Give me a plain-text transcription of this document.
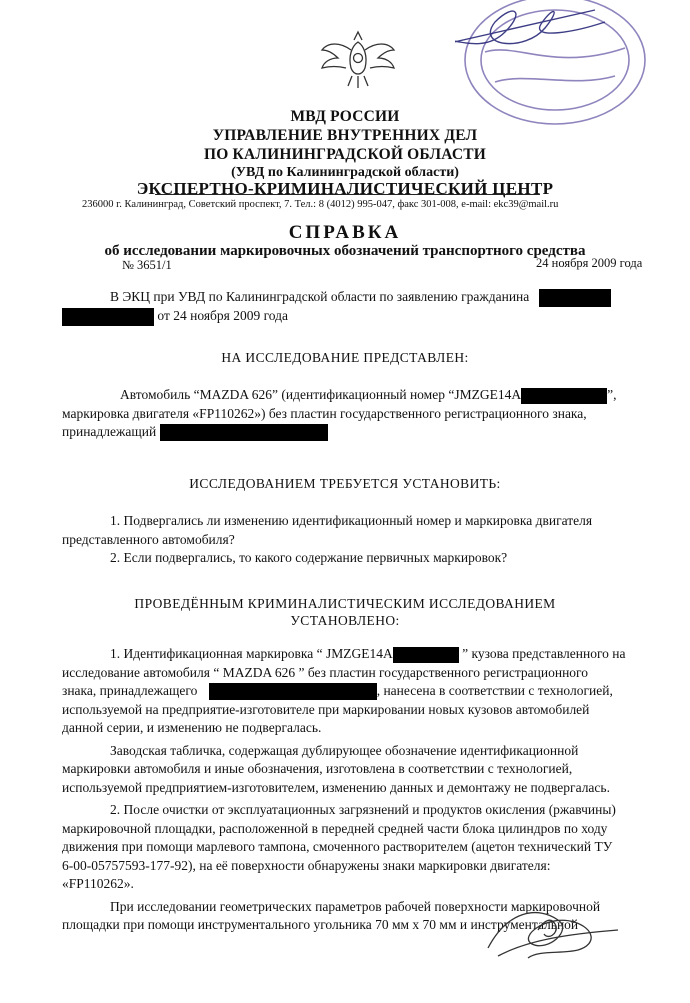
МВД РОССИИ
УПРАВЛЕНИЕ ВНУТРЕННИХ ДЕЛ
ПО КАЛИНИНГРАДСКОЙ ОБЛАСТИ
(УВД по Калининградской области)
ЭКСПЕРТНО-КРИМИНАЛИСТИЧЕСКИЙ ЦЕНТР
236000 г. Калининград, Советский проспект, 7. Тел.: 8 (4012) 995-047, факс 301-008, e-mail: ekc39@mail.ru
СПРАВКА
об исследовании маркировочных обозначений транспортного средства
№ 3651/1	24 ноября 2009 года
В ЭКЦ при УВД по Калининградской области по заявлению гражданина
от 24 ноября 2009 года
НА ИССЛЕДОВАНИЕ ПРЕДСТАВЛЕН:
Автомобиль “MAZDA 626” (идентификационный номер “JMZGE14A	”,
маркировка двигателя «FP110262») без пластин государственного регистрационного знака,
принадлежащий
ИССЛЕДОВАНИЕМ ТРЕБУЕТСЯ УСТАНОВИТЬ:
1. Подвергались ли изменению идентификационный номер и маркировка двигателя
представленного автомобиля?
2. Если подвергались, то какого содержание первичных маркировок?
ПРОВЕДЁННЫМ КРИМИНАЛИСТИЧЕСКИМ ИССЛЕДОВАНИЕМ
УСТАНОВЛЕНО:
1. Идентификационная маркировка “ JMZGE14A	” кузова представленного на
исследование автомобиля “ MAZDA 626 ” без пластин государственного регистрационного
знака, принадлежащего	, нанесена в соответствии с технологией,
используемой на предприятие-изготовителе при маркировании новых кузовов автомобилей
данной серии, и изменению не подвергалась.
Заводская табличка, содержащая дублирующее обозначение идентификационной
маркировки автомобиля и иные обозначения, изготовлена в соответствии с технологией,
используемой предприятием-изготовителем, изменению данных и демонтажу не подвергалась.
2. После очистки от эксплуатационных загрязнений и продуктов окисления (ржавчины)
маркировочной площадки, расположенной в передней средней части блока цилиндров по ходу
движения при помощи марлевого тампона, смоченного растворителем (ацетон технический ТУ
6-00-05757593-177-92), на её поверхности обнаружены знаки маркировки двигателя:
«FP110262».
При исследовании геометрических параметров рабочей поверхности маркировочной
площадки при помощи инструментального угольника 70 мм х 70 мм и инструментальной
